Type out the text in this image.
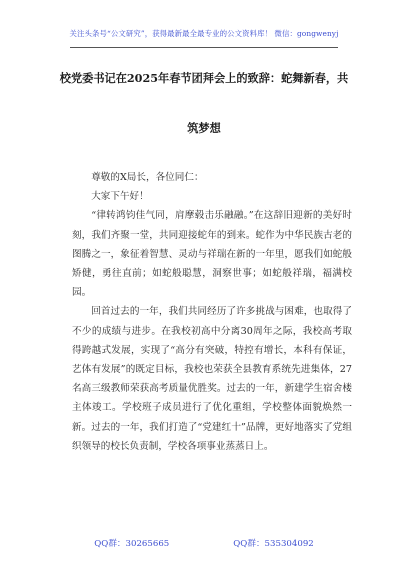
关注头条号“公文研究”，获得最新最全最专业的公文资料库！ 微信：gongwenyj
校党委书记在2025年春节团拜会上的致辞：蛇舞新春，共
筑梦想

尊敬的X局长，各位同仁：

大家下午好！

“律转鸿钧佳气同，肩摩毂击乐融融。”在这辞旧迎新的美好时刻，我们齐聚一堂，共同迎接蛇年的到来。蛇作为中华民族古老的图腾之一，象征着智慧、灵动与祥瑞在新的一年里，愿我们如蛇般矫健，勇往直前；如蛇般聪慧，洞察世事；如蛇般祥瑞，福满校园。

回首过去的一年，我们共同经历了许多挑战与困难，也取得了不少的成绩与进步。在我校初高中分离30周年之际，我校高考取得跨越式发展，实现了“高分有突破，特控有增长，本科有保证，艺体有发展”的既定目标，我校也荣获全县教育系统先进集体，27名高三级教师荣获高考质量优胜奖。过去的一年，新建学生宿舍楼主体竣工。学校班子成员进行了优化重组，学校整体面貌焕然一新。过去的一年，我们打造了“党建红十”品牌，更好地落实了党组织领导的校长负责制，学校各项事业蒸蒸日上。

QQ群：30265665	QQ群：535304092
